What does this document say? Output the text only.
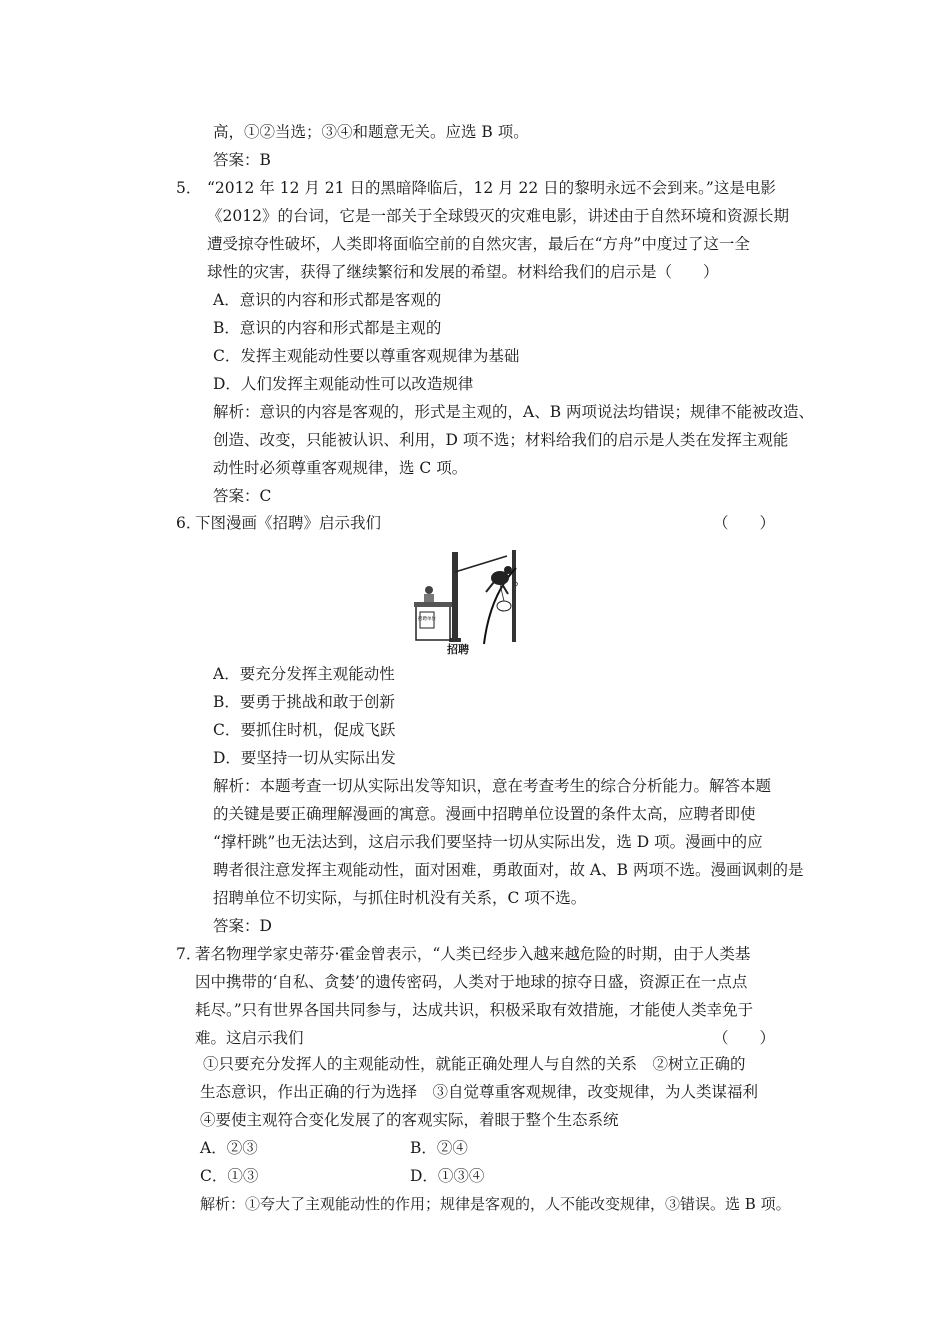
高，①②当选；③④和题意无关。应选 B 项。
答案：B
5． “2012 年 12 月 21 日的黑暗降临后，12 月 22 日的黎明永远不会到来。”这是电影
《2012》的台词，它是一部关于全球毁灭的灾难电影，讲述由于自然环境和资源长期
遭受掠夺性破坏，人类即将面临空前的自然灾害，最后在“方舟”中度过了这一全
球性的灾害，获得了继续繁衍和发展的希望。材料给我们的启示是（　　）
A．意识的内容和形式都是客观的
B．意识的内容和形式都是主观的
C．发挥主观能动性要以尊重客观规律为基础
D．人们发挥主观能动性可以改造规律
解析：意识的内容是客观的，形式是主观的，A、B 两项说法均错误；规律不能被改造、
创造、改变，只能被认识、利用，D 项不选；材料给我们的启示是人类在发挥主观能
动性时必须尊重客观规律，选 C 项。
答案：C
6．
下图漫画《招聘》启示我们	（　　）
招聘单位
招聘
A．要充分发挥主观能动性
B．要勇于挑战和敢于创新
C．要抓住时机，促成飞跃
D．要坚持一切从实际出发
解析：本题考查一切从实际出发等知识，意在考查考生的综合分析能力。解答本题
的关键是要正确理解漫画的寓意。漫画中招聘单位设置的条件太高，应聘者即使
“撑杆跳”也无法达到，这启示我们要坚持一切从实际出发，选 D 项。漫画中的应
聘者很注意发挥主观能动性，面对困难，勇敢面对，故 A、B 两项不选。漫画讽刺的是
招聘单位不切实际，与抓住时机没有关系，C 项不选。
答案：D
7．
著名物理学家史蒂芬·霍金曾表示，“人类已经步入越来越危险的时期，由于人类基
因中携带的‘自私、贪婪’的遗传密码，人类对于地球的掠夺日盛，资源正在一点点
耗尽。”只有世界各国共同参与，达成共识，积极采取有效措施，才能使人类幸免于
难。这启示我们	（　　）
①只要充分发挥人的主观能动性，就能正确处理人与自然的关系　②树立正确的
生态意识，作出正确的行为选择　③自觉尊重客观规律，改变规律，为人类谋福利
④要使主观符合变化发展了的客观实际，着眼于整个生态系统
A．②③	B．②④
C．①③	D．①③④
解析：①夸大了主观能动性的作用；规律是客观的，人不能改变规律，③错误。选 B 项。
